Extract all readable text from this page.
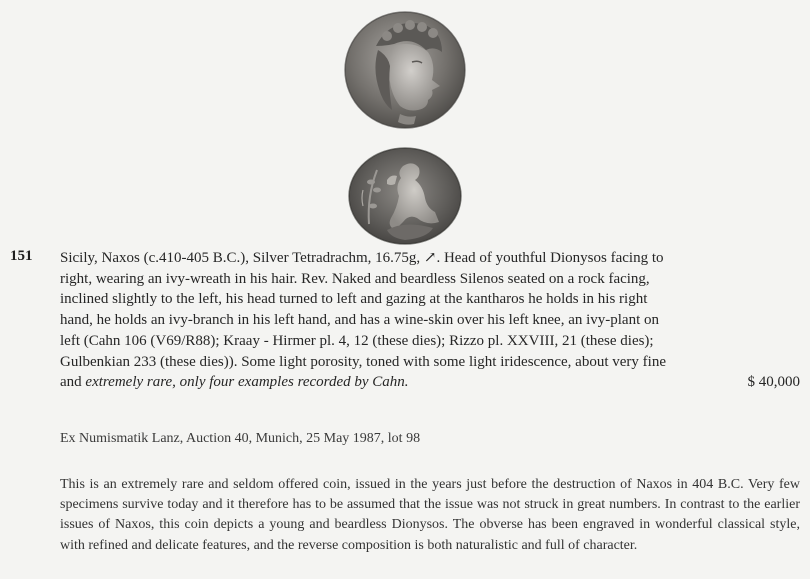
151 Sicily, Naxos (c.410-405 B.C.), Silver Tetradrachm, 16.75g, ↗. Head of youthful Dionysos facing to
right, wearing an ivy-wreath in his hair. Rev. Naked and beardless Silenos seated on a rock facing,
inclined slightly to the left, his head turned to left and gazing at the kantharos he holds in his right
hand, he holds an ivy-branch in his left hand, and has a wine-skin over his left knee, an ivy-plant on
left (Cahn 106 (V69/R88); Kraay - Hirmer pl. 4, 12 (these dies); Rizzo pl. XXVIII, 21 (these dies);
Gulbenkian 233 (these dies)). Some light porosity, toned with some light iridescence, about very fine
and extremely rare, only four examples recorded by Cahn.	$ 40,000

Ex Numismatik Lanz, Auction 40, Munich, 25 May 1987, lot 98

This is an extremely rare and seldom offered coin, issued in the years just before the destruction of Naxos in 404 B.C. Very few specimens survive today and it therefore has to be assumed that the issue was not struck in great numbers. In contrast to the earlier issues of Naxos, this coin depicts a young and beardless Dionysos. The obverse has been engraved in wonderful classical style, with refined and delicate features, and the reverse composition is both naturalistic and full of character.
